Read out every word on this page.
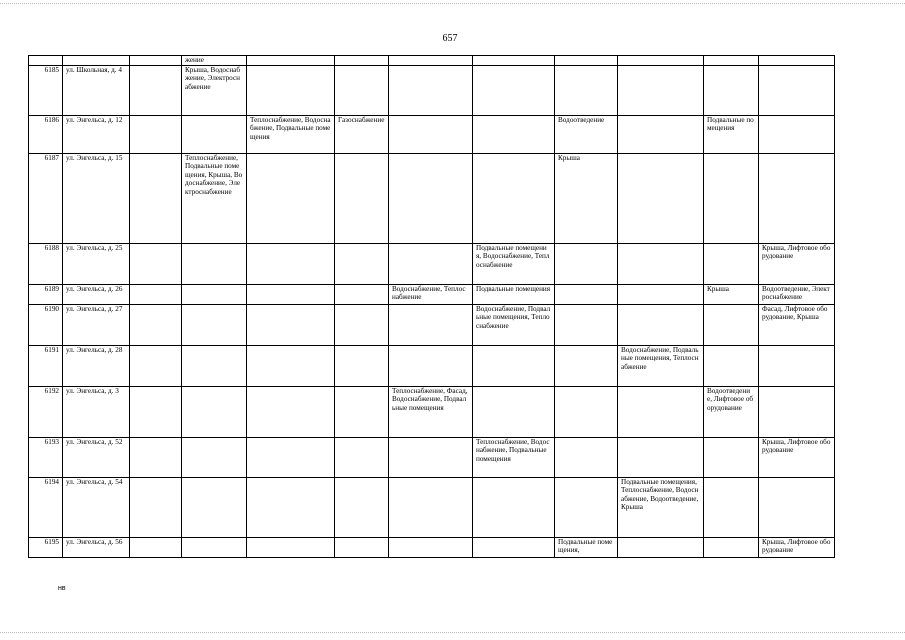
657
			жение								
6185	ул. Школьная, д. 4		Крыша, Водоснабжение, Электроснабжение								
6186	ул. Энгельса, д. 12			Теплоснабжение, Водоснабжение, Подвальные помещения	Газоснабжение			Водоотведение		Подвальные помещения	
6187	ул. Энгельса, д. 15		Теплоснабжение, Подвальные помещения, Крыша, Водоснабжение, Электроснабжение					Крыша			
6188	ул. Энгельса, д. 25						Подвальные помещения, Водоснабжение, Теплоснабжение				Крыша, Лифтовое оборудование
6189	ул. Энгельса, д. 26					Водоснабжение, Теплоснабжение	Подвальные помещения			Крыша	Водоотведение, Электроснабжение
6190	ул. Энгельса, д. 27						Водоснабжение, Подвальные помещения, Теплоснабжение				Фасад, Лифтовое оборудование, Крыша
6191	ул. Энгельса, д. 28								Водоснабжение, Подвальные помещения, Теплоснабжение		
6192	ул. Энгельса, д. 3					Теплоснабжение, Фасад, Водоснабжение, Подвальные помещения				Водоотведение, Лифтовое оборудование	
6193	ул. Энгельса, д. 52						Теплоснабжение, Водоснабжение, Подвальные помещения				Крыша, Лифтовое оборудование
6194	ул. Энгельса, д. 54								Подвальные помещения, Теплоснабжение, Водоснабжение, Водоотведение, Крыша		
6195	ул. Энгельса, д. 56							Подвальные помещения,			Крыша, Лифтовое оборудование
нв
